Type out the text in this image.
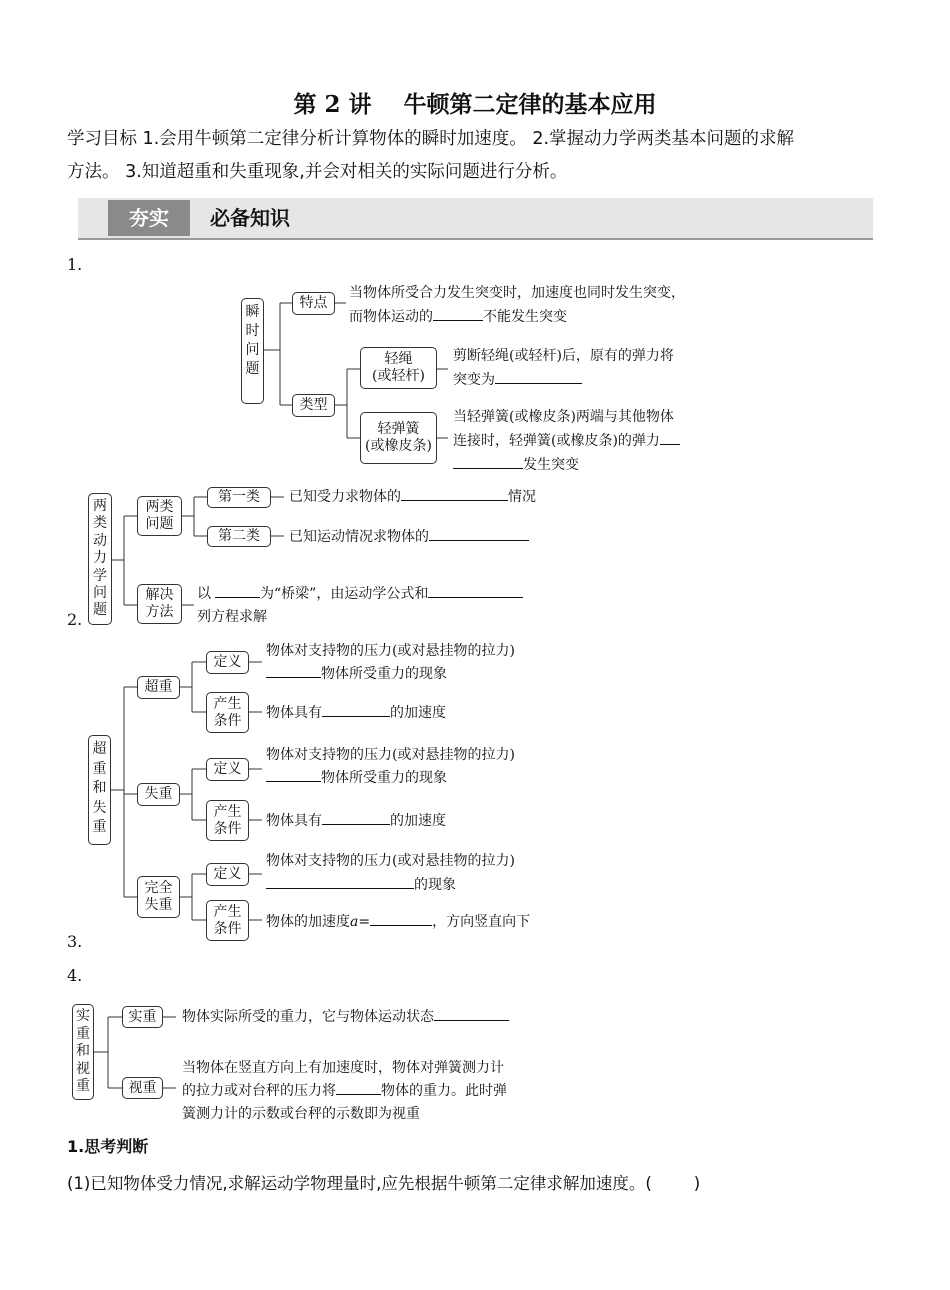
第 2 讲    牛顿第二定律的基本应用
学习目标 1.会用牛顿第二定律分析计算物体的瞬时加速度。 2.掌握动力学两类基本问题的求解
方法。 3.知道超重和失重现象,并会对相关的实际问题进行分析。
夯实	必备知识
1.
2.
3.
4.
瞬
时
问
题
特点
当物体所受合力发生突变时，加速度也同时发生突变，
而物体运动的	不能发生突变
类型
轻绳
(或轻杆)
剪断轻绳(或轻杆)后，原有的弹力将
突变为
轻弹簧
(或橡皮条)
当轻弹簧(或橡皮条)两端与其他物体
连接时，轻弹簧(或橡皮条)的弹力
发生突变
两
类
动
力
学
问
题
两类
问题
第一类	已知受力求物体的	情况
第二类	已知运动情况求物体的
解决
方法
以	为“桥梁”，由运动学公式和
列方程求解
超
重
和
失
重
超重
定义
物体对支持物的压力(或对悬挂物的拉力)
物体所受重力的现象
产生
条件	物体具有	的加速度
失重
定义
物体对支持物的压力(或对悬挂物的拉力)
物体所受重力的现象
产生
条件	物体具有	的加速度
完全
失重
定义
物体对支持物的压力(或对悬挂物的拉力)
的现象
产生
条件	物体的加速度a=	，方向竖直向下
实
重
和
视
重
实重	物体实际所受的重力，它与物体运动状态
视重
当物体在竖直方向上有加速度时，物体对弹簧测力计
的拉力或对台秤的压力将	物体的重力。此时弹
簧测力计的示数或台秤的示数即为视重
1.思考判断
(1)已知物体受力情况,求解运动学物理量时,应先根据牛顿第二定律求解加速度。(        )
